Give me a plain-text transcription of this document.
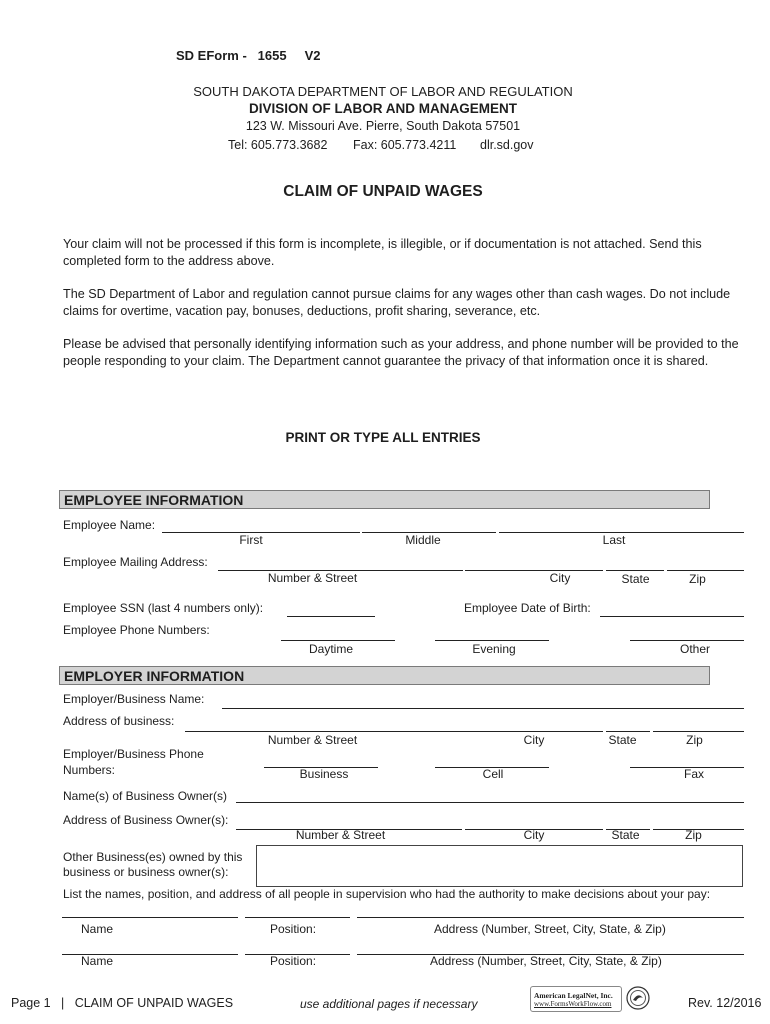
SD EForm - 1655 V2
SOUTH DAKOTA DEPARTMENT OF LABOR AND REGULATION
DIVISION OF LABOR AND MANAGEMENT
123 W. Missouri Ave. Pierre, South Dakota 57501
Tel: 605.773.3682 Fax: 605.773.4211 dlr.sd.gov
CLAIM OF UNPAID WAGES
Your claim will not be processed if this form is incomplete, is illegible, or if documentation is not attached. Send this completed form to the address above.
The SD Department of Labor and regulation cannot pursue claims for any wages other than cash wages. Do not include claims for overtime, vacation pay, bonuses, deductions, profit sharing, severance, etc.
Please be advised that personally identifying information such as your address, and phone number will be provided to the people responding to your claim. The Department cannot guarantee the privacy of that information once it is shared.
PRINT OR TYPE ALL ENTRIES
EMPLOYEE INFORMATION
Employee Name:
First	Middle	Last
Employee Mailing Address:
Number & Street	City	State	Zip
Employee SSN (last 4 numbers only):	Employee Date of Birth:
Employee Phone Numbers:
Daytime	Evening	Other
EMPLOYER INFORMATION
Employer/Business Name:
Address of business:
Number & Street	City	State	Zip
Employer/Business Phone
Numbers:	Business	Cell	Fax
Name(s) of Business Owner(s)
Address of Business Owner(s):
Number & Street	City	State	Zip
Other Business(es) owned by this
business or business owner(s):
List the names, position, and address of all people in supervision who had the authority to make decisions about your pay:
Name	Position:	Address (Number, Street, City, State, & Zip)
Name	Position:	Address (Number, Street, City, State, & Zip)
Page 1   |   CLAIM OF UNPAID WAGES	use additional pages if necessary
American LegalNet, Inc.
www.FormsWorkFlow.com	Rev. 12/2016
